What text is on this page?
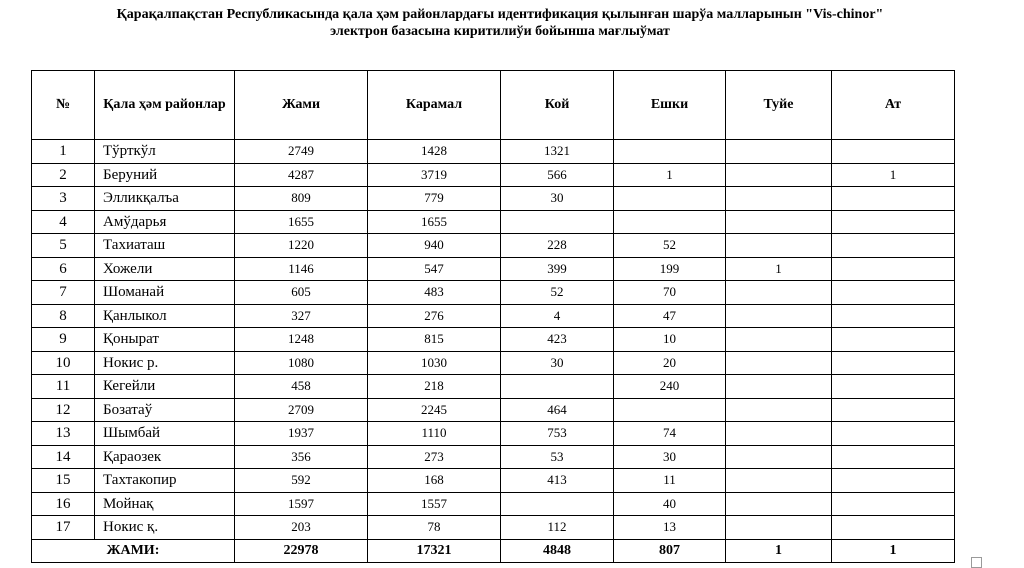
Қарақалпақстан Республикасында қала ҳәм районлардағы идентификация қылынған шарўа малларынын "Vis-chinor"
электрон базасына киритилиўи бойынша мағлыўмат
№	Қала ҳәм районлар	Жами	Карамал	Кой	Ешки	Туйе	Ат
1	Тўрткўл	2749	1428	1321			
2	Беруний	4287	3719	566	1		1
3	Элликқалъа	809	779	30			
4	Амўдарья	1655	1655				
5	Тахиаташ	1220	940	228	52		
6	Хожели	1146	547	399	199	1	
7	Шоманай	605	483	52	70		
8	Қанлыкол	327	276	4	47		
9	Қонырат	1248	815	423	10		
10	Нокис р.	1080	1030	30	20		
11	Кегейли	458	218		240		
12	Бозатаў	2709	2245	464			
13	Шымбай	1937	1110	753	74		
14	Қараозек	356	273	53	30		
15	Тахтакопир	592	168	413	11		
16	Мойнақ	1597	1557		40		
17	Нокис қ.	203	78	112	13		
ЖАМИ:		22978	17321	4848	807	1	1
